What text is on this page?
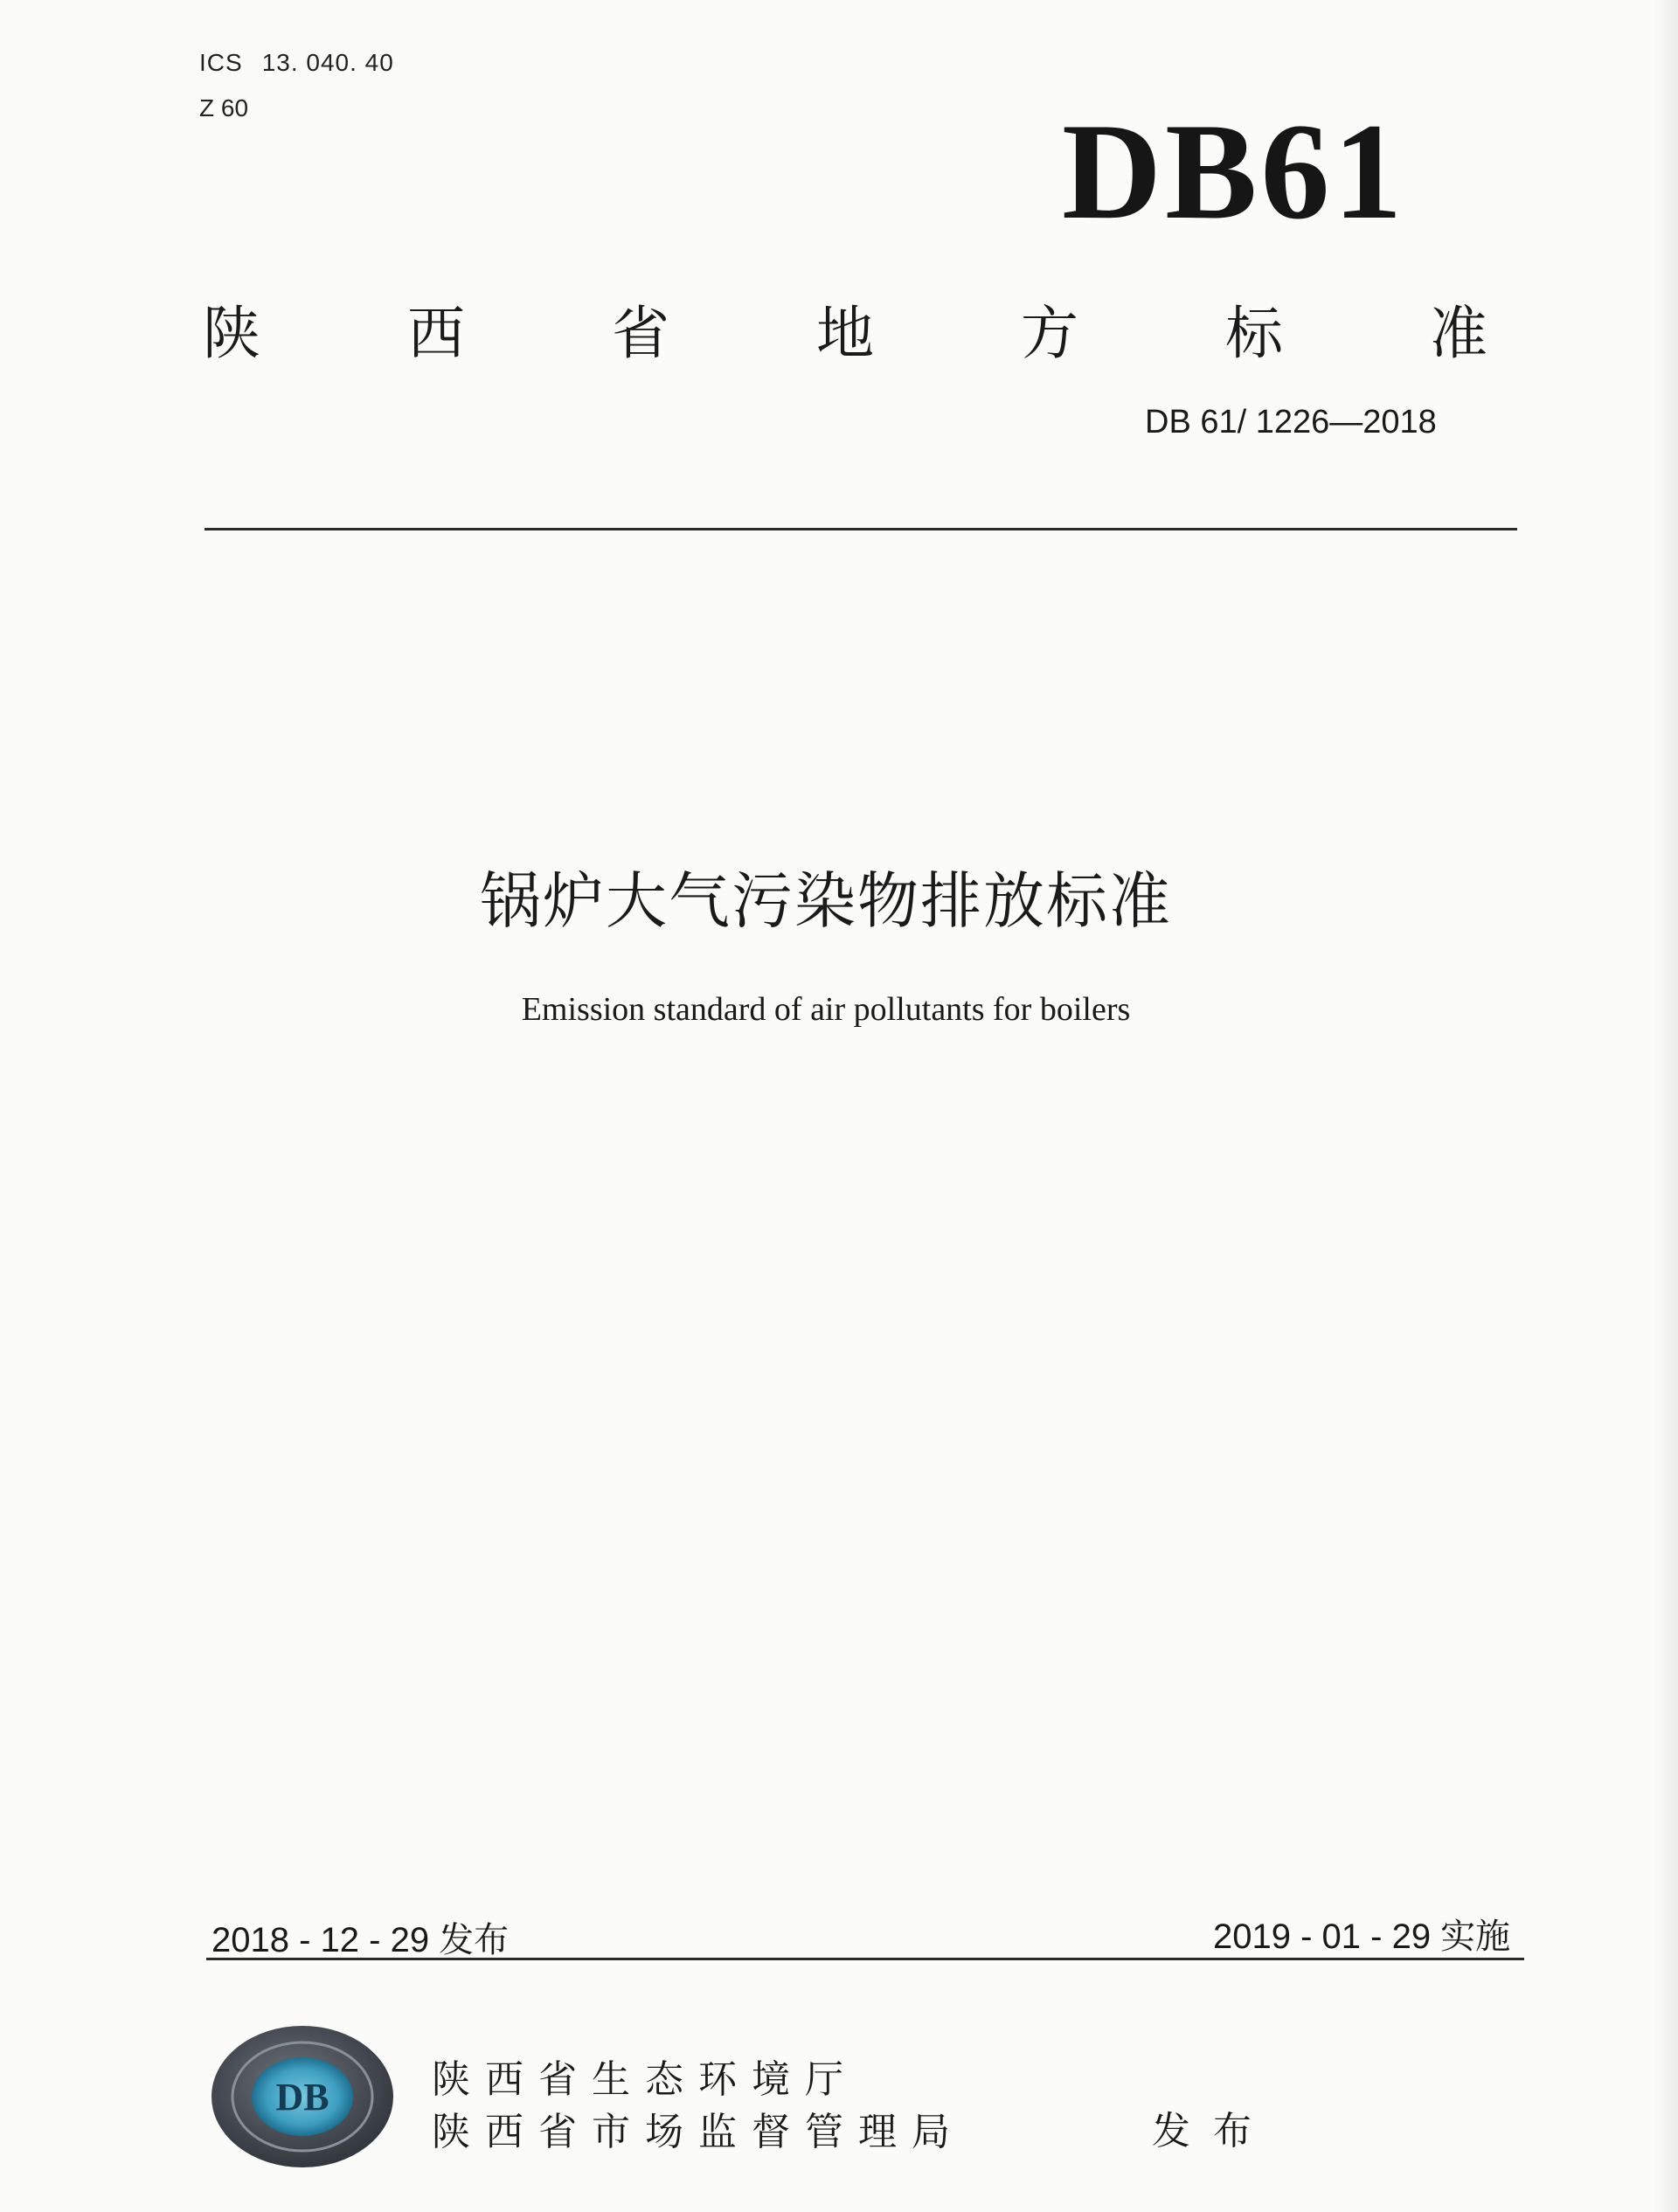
ICS 13. 040. 40
Z 60	DB61
陕	西	省	地	方	标	准
DB 61/ 1226—2018
锅炉大气污染物排放标准
Emission standard of air pollutants for boilers
2018 - 12 - 29 发布	2019 - 01 - 29 实施
DB	陕西省生态环境厅
陕西省市场监督管理局	发布
